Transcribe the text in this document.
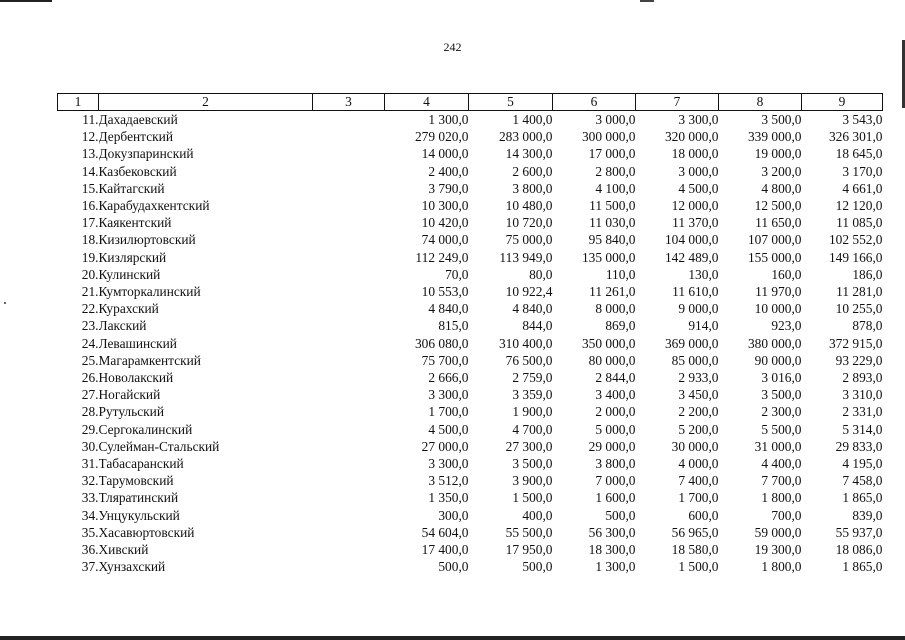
242
1	2	3	4	5	6	7	8	9
11.	Дахадаевский		1 300,0	1 400,0	3 000,0	3 300,0	3 500,0	3 543,0
12.	Дербентский		279 020,0	283 000,0	300 000,0	320 000,0	339 000,0	326 301,0
13.	Докузпаринский		14 000,0	14 300,0	17 000,0	18 000,0	19 000,0	18 645,0
14.	Казбековский		2 400,0	2 600,0	2 800,0	3 000,0	3 200,0	3 170,0
15.	Кайтагский		3 790,0	3 800,0	4 100,0	4 500,0	4 800,0	4 661,0
16.	Карабудахкентский		10 300,0	10 480,0	11 500,0	12 000,0	12 500,0	12 120,0
17.	Каякентский		10 420,0	10 720,0	11 030,0	11 370,0	11 650,0	11 085,0
18.	Кизилюртовский		74 000,0	75 000,0	95 840,0	104 000,0	107 000,0	102 552,0
19.	Кизлярский		112 249,0	113 949,0	135 000,0	142 489,0	155 000,0	149 166,0
20.	Кулинский		70,0	80,0	110,0	130,0	160,0	186,0
21.	Кумторкалинский		10 553,0	10 922,4	11 261,0	11 610,0	11 970,0	11 281,0
22.	Курахский		4 840,0	4 840,0	8 000,0	9 000,0	10 000,0	10 255,0
23.	Лакский		815,0	844,0	869,0	914,0	923,0	878,0
24.	Левашинский		306 080,0	310 400,0	350 000,0	369 000,0	380 000,0	372 915,0
25.	Магарамкентский		75 700,0	76 500,0	80 000,0	85 000,0	90 000,0	93 229,0
26.	Новолакский		2 666,0	2 759,0	2 844,0	2 933,0	3 016,0	2 893,0
27.	Ногайский		3 300,0	3 359,0	3 400,0	3 450,0	3 500,0	3 310,0
28.	Рутульский		1 700,0	1 900,0	2 000,0	2 200,0	2 300,0	2 331,0
29.	Сергокалинский		4 500,0	4 700,0	5 000,0	5 200,0	5 500,0	5 314,0
30.	Сулейман-Стальский		27 000,0	27 300,0	29 000,0	30 000,0	31 000,0	29 833,0
31.	Табасаранский		3 300,0	3 500,0	3 800,0	4 000,0	4 400,0	4 195,0
32.	Тарумовский		3 512,0	3 900,0	7 000,0	7 400,0	7 700,0	7 458,0
33.	Тляратинский		1 350,0	1 500,0	1 600,0	1 700,0	1 800,0	1 865,0
34.	Унцукульский		300,0	400,0	500,0	600,0	700,0	839,0
35.	Хасавюртовский		54 604,0	55 500,0	56 300,0	56 965,0	59 000,0	55 937,0
36.	Хивский		17 400,0	17 950,0	18 300,0	18 580,0	19 300,0	18 086,0
37.	Хунзахский		500,0	500,0	1 300,0	1 500,0	1 800,0	1 865,0
